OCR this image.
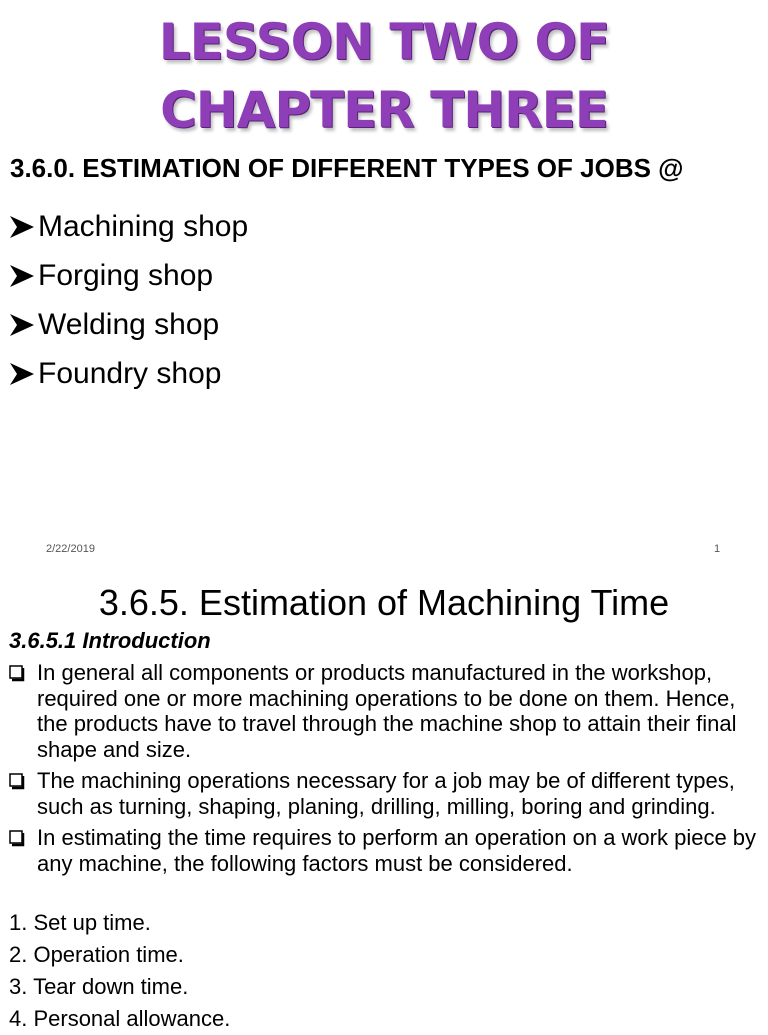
LESSON TWO OF
CHAPTER THREE
3.6.0. ESTIMATION OF DIFFERENT TYPES OF JOBS @
Machining shop
Forging shop
Welding shop
Foundry shop
2/22/2019	1
3.6.5. Estimation of Machining Time
3.6.5.1 Introduction
In general all components or products manufactured in the workshop, required one or more machining operations to be done on them. Hence, the products have to travel through the machine shop to attain their final shape and size.
The machining operations necessary for a job may be of different types, such as turning, shaping, planing, drilling, milling, boring and grinding.
In estimating the time requires to perform an operation on a work piece by any machine, the following factors must be considered.
1. Set up time.
2. Operation time.
3. Tear down time.
4. Personal allowance.
